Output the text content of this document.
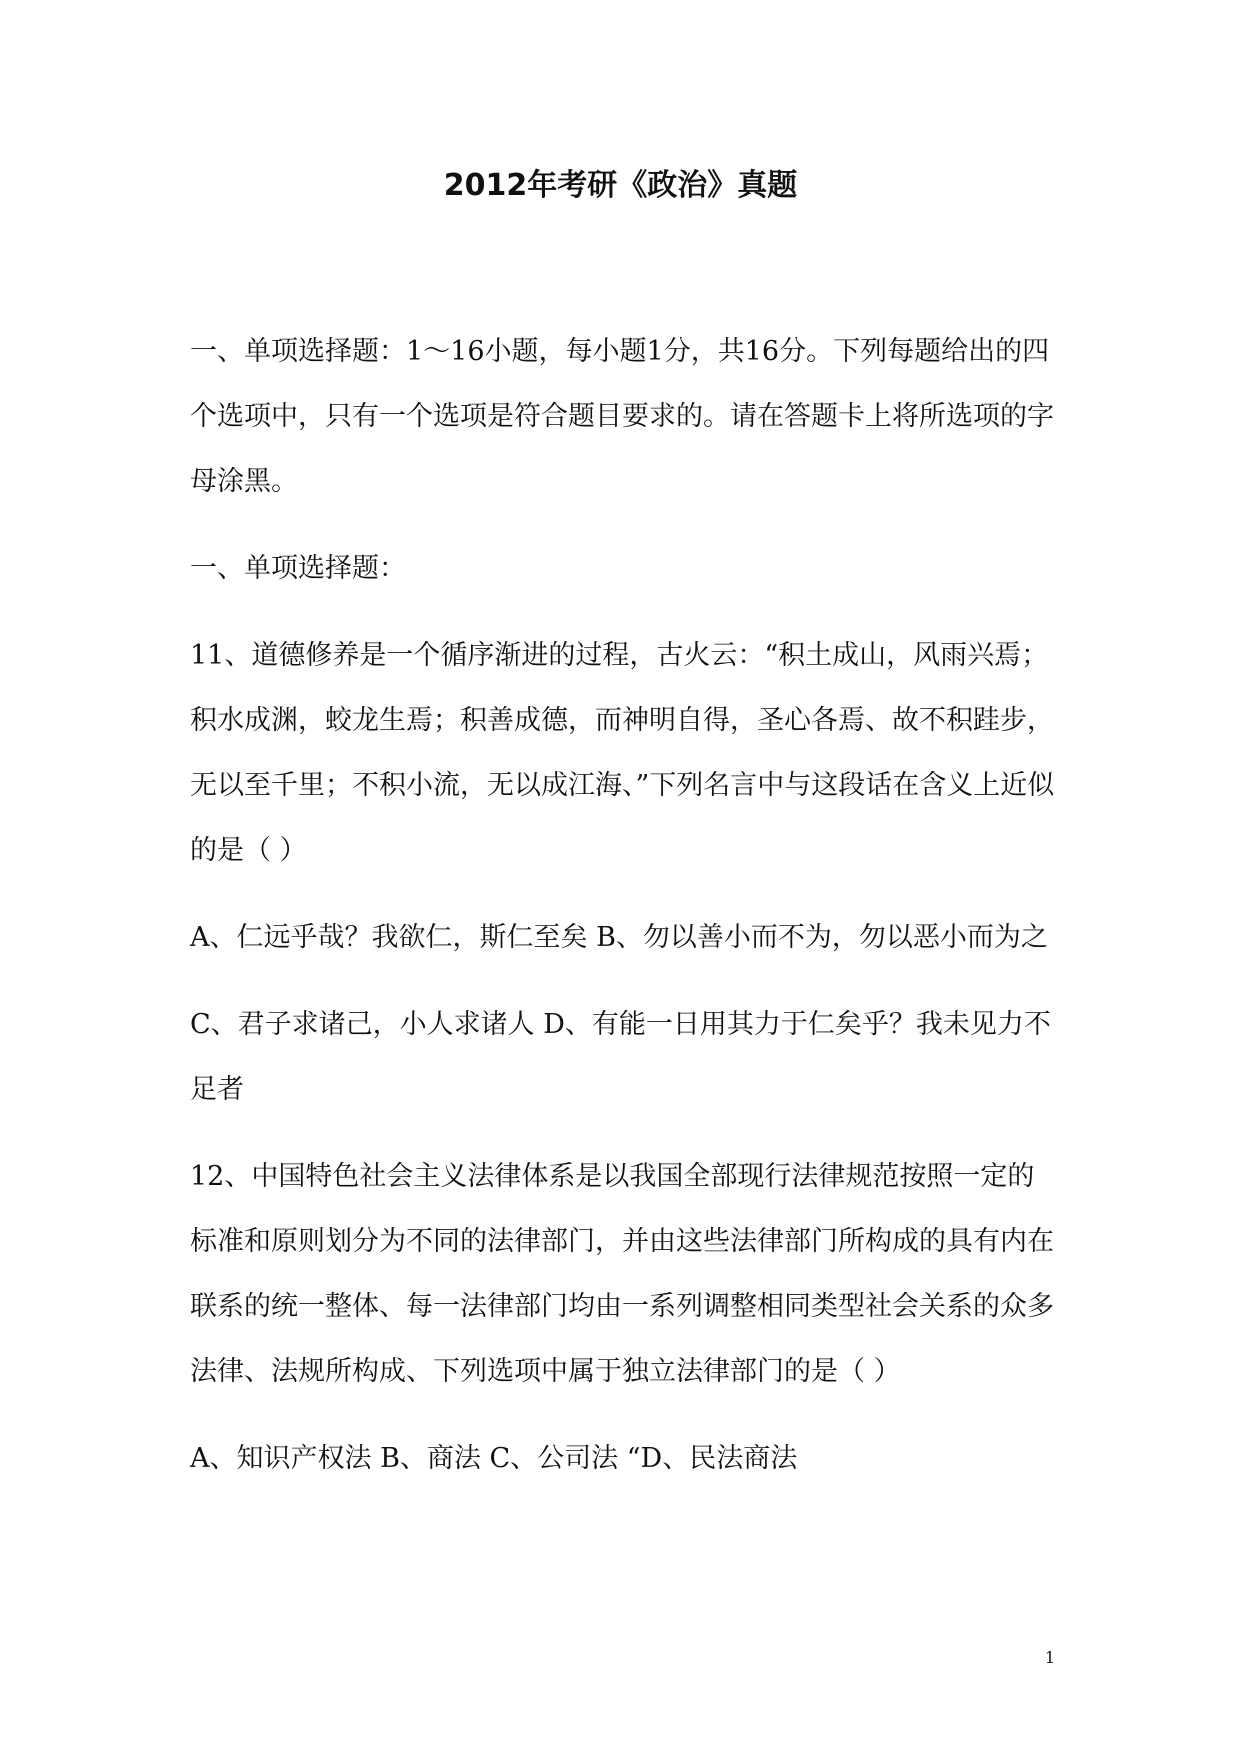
2012年考研《政治》真题

一、单项选择题：1～16小题，每小题1分，共16分。下列每题给出的四个选项中，只有一个选项是符合题目要求的。请在答题卡上将所选项的字母涂黑。

一、单项选择题：

11、道德修养是一个循序渐进的过程，古火云：“积土成山，风雨兴焉；积水成渊，蛟龙生焉；积善成德，而神明自得，圣心各焉、故不积跬步，无以至千里；不积小流，无以成江海、”下列名言中与这段话在含义上近似的是（ ）

A、仁远乎哉？我欲仁，斯仁至矣 B、勿以善小而不为，勿以恶小而为之

C、君子求诸己，小人求诸人 D、有能一日用其力于仁矣乎？我未见力不足者

12、中国特色社会主义法律体系是以我国全部现行法律规范按照一定的标准和原则划分为不同的法律部门，并由这些法律部门所构成的具有内在联系的统一整体、每一法律部门均由一系列调整相同类型社会关系的众多法律、法规所构成、下列选项中属于独立法律部门的是（ ）

A、知识产权法 B、商法 C、公司法 “D、民法商法

1
